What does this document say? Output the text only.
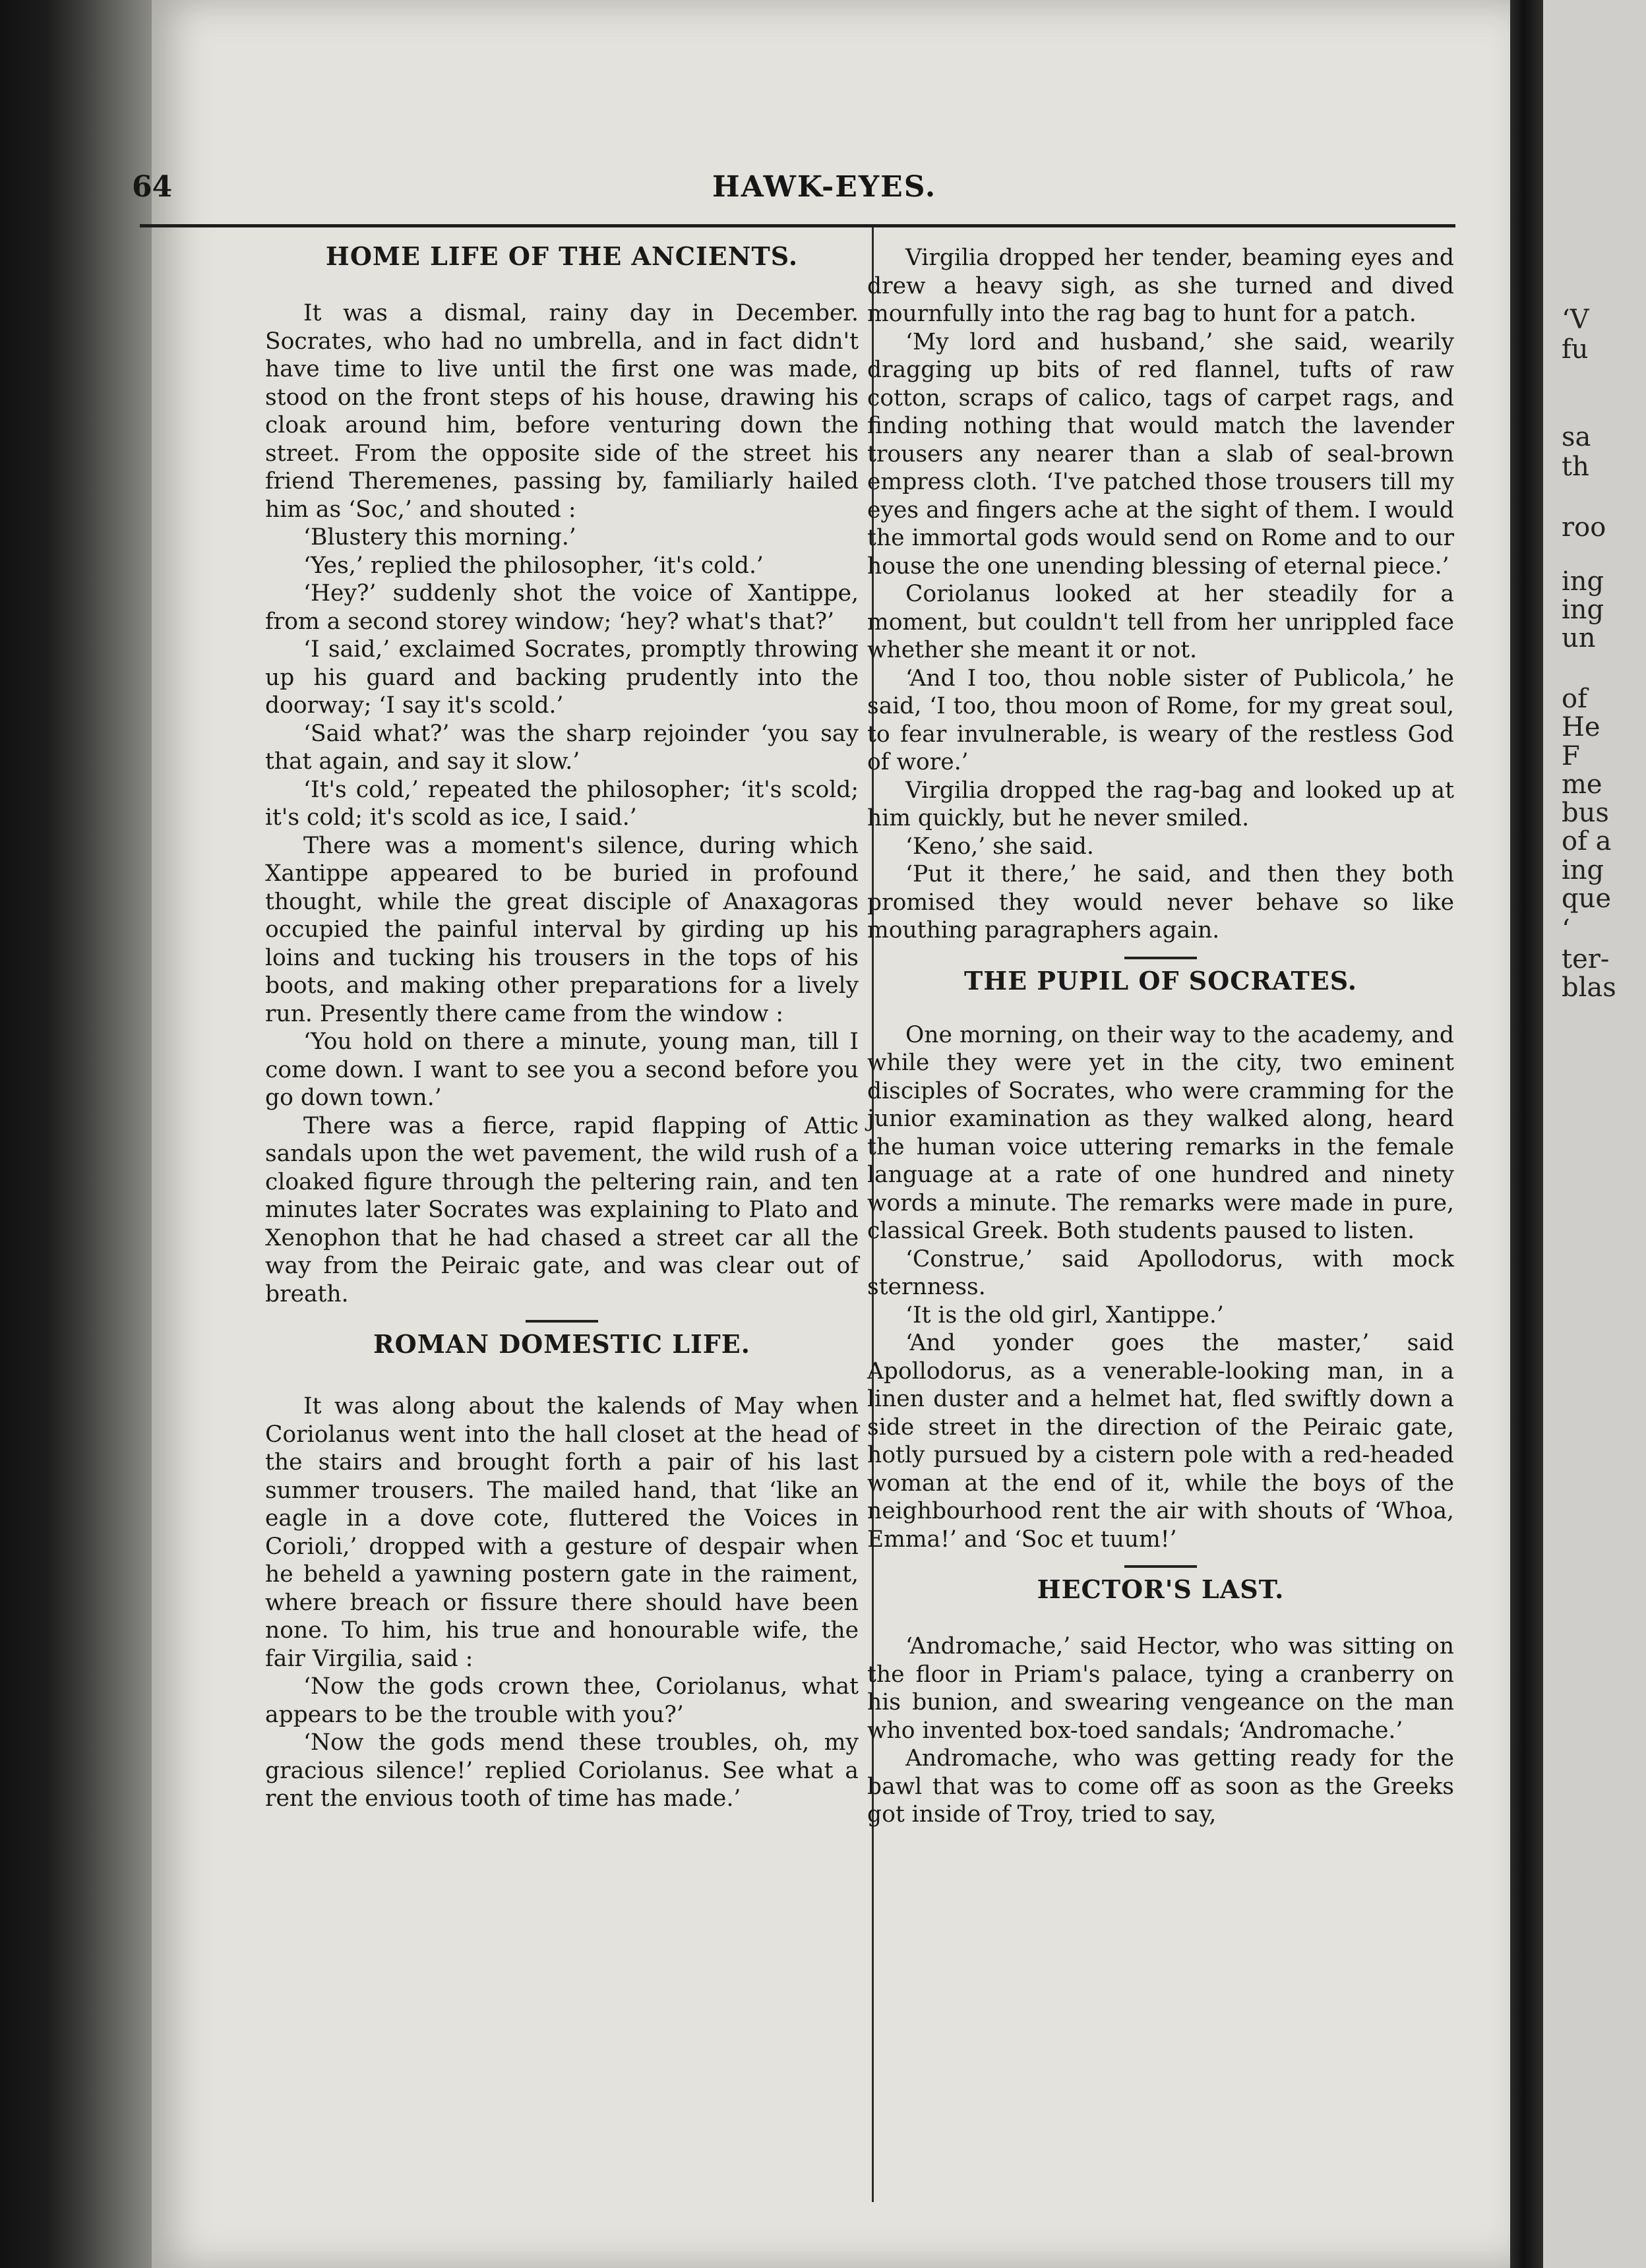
‘V

fu

sa

th

roo

ing

ing

un

of

He

F

me

bus

of a

ing

que

‘

ter-

blas

64	HAWK-EYES.

HOME LIFE OF THE ANCIENTS.

It was a dismal, rainy day in December. Socrates, who had no umbrella, and in fact didn't have time to live until the first one was made, stood on the front steps of his house, drawing his cloak around him, before venturing down the street. From the opposite side of the street his friend Theremenes, passing by, familiarly hailed him as ‘Soc,’ and shouted :

‘Blustery this morning.’

‘Yes,’ replied the philosopher, ‘it's cold.’

‘Hey?’ suddenly shot the voice of Xantippe, from a second storey window; ‘hey? what's that?’

‘I said,’ exclaimed Socrates, promptly throwing up his guard and backing prudently into the doorway; ‘I say it's scold.’

‘Said what?’ was the sharp rejoinder ‘you say that again, and say it slow.’

‘It's cold,’ repeated the philosopher; ‘it's scold; it's cold; it's scold as ice, I said.’

There was a moment's silence, during which Xantippe appeared to be buried in profound thought, while the great disciple of Anaxagoras occupied the painful interval by girding up his loins and tucking his trousers in the tops of his boots, and making other preparations for a lively run. Presently there came from the window :

‘You hold on there a minute, young man, till I come down. I want to see you a second before you go down town.’

There was a fierce, rapid flapping of Attic sandals upon the wet pavement, the wild rush of a cloaked figure through the peltering rain, and ten minutes later Socrates was explaining to Plato and Xenophon that he had chased a street car all the way from the Peiraic gate, and was clear out of breath.

ROMAN DOMESTIC LIFE.

It was along about the kalends of May when Coriolanus went into the hall closet at the head of the stairs and brought forth a pair of his last summer trousers. The mailed hand, that ‘like an eagle in a dove cote, fluttered the Voices in Corioli,’ dropped with a gesture of despair when he beheld a yawning postern gate in the raiment, where breach or fissure there should have been none. To him, his true and honourable wife, the fair Virgilia, said :

‘Now the gods crown thee, Coriolanus, what appears to be the trouble with you?’

‘Now the gods mend these troubles, oh, my gracious silence!’ replied Coriolanus. See what a rent the envious tooth of time has made.’

Virgilia dropped her tender, beaming eyes and drew a heavy sigh, as she turned and dived mournfully into the rag bag to hunt for a patch.

‘My lord and husband,’ she said, wearily dragging up bits of red flannel, tufts of raw cotton, scraps of calico, tags of carpet rags, and finding nothing that would match the lavender trousers any nearer than a slab of seal-brown empress cloth. ‘I've patched those trousers till my eyes and fingers ache at the sight of them. I would the immortal gods would send on Rome and to our house the one unending blessing of eternal piece.’

Coriolanus looked at her steadily for a moment, but couldn't tell from her unrippled face whether she meant it or not.

‘And I too, thou noble sister of Publicola,’ he said, ‘I too, thou moon of Rome, for my great soul, to fear invulnerable, is weary of the restless God of wore.’

Virgilia dropped the rag-bag and looked up at him quickly, but he never smiled.

‘Keno,’ she said.

‘Put it there,’ he said, and then they both promised they would never behave so like mouthing paragraphers again.

THE PUPIL OF SOCRATES.

One morning, on their way to the academy, and while they were yet in the city, two eminent disciples of Socrates, who were cramming for the junior examination as they walked along, heard the human voice uttering remarks in the female language at a rate of one hundred and ninety words a minute. The remarks were made in pure, classical Greek. Both students paused to listen.

‘Construe,’ said Apollodorus, with mock sternness.

‘It is the old girl, Xantippe.’

‘And yonder goes the master,’ said Apollodorus, as a venerable-looking man, in a linen duster and a helmet hat, fled swiftly down a side street in the direction of the Peiraic gate, hotly pursued by a cistern pole with a red-headed woman at the end of it, while the boys of the neighbourhood rent the air with shouts of ‘Whoa, Emma!’ and ‘Soc et tuum!’

HECTOR'S LAST.

‘Andromache,’ said Hector, who was sitting on the floor in Priam's palace, tying a cranberry on his bunion, and swearing vengeance on the man who invented box-toed sandals; ‘Andromache.’

Andromache, who was getting ready for the bawl that was to come off as soon as the Greeks got inside of Troy, tried to say,
